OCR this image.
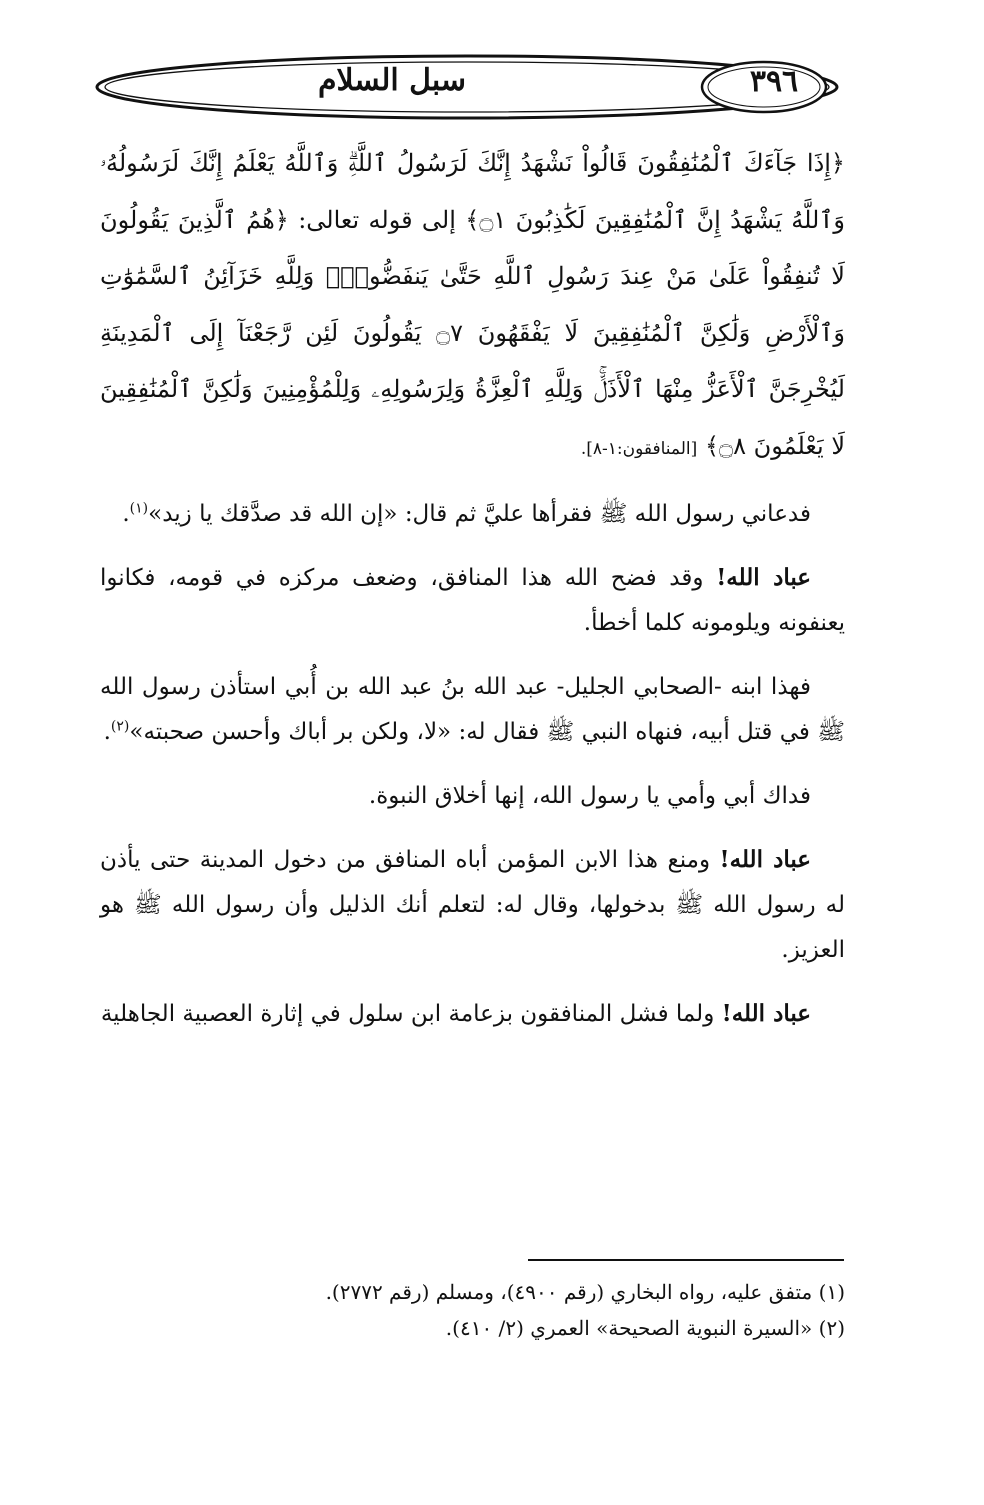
٣٩٦
سبل السلام

﴿إِذَا جَآءَكَ ٱلْمُنَٰفِقُونَ قَالُواْ نَشْهَدُ إِنَّكَ لَرَسُولُ ٱللَّهِۗ وَٱللَّهُ يَعْلَمُ إِنَّكَ لَرَسُولُهُۥ وَٱللَّهُ يَشْهَدُ إِنَّ ٱلْمُنَٰفِقِينَ لَكَٰذِبُونَ ۝١﴾ إلى قوله تعالى: ﴿هُمُ ٱلَّذِينَ يَقُولُونَ لَا تُنفِقُواْ عَلَىٰ مَنْ عِندَ رَسُولِ ٱللَّهِ حَتَّىٰ يَنفَضُّواْۗ وَلِلَّهِ خَزَآئِنُ ٱلسَّمَٰوَٰتِ وَٱلْأَرْضِ وَلَٰكِنَّ ٱلْمُنَٰفِقِينَ لَا يَفْقَهُونَ ۝٧ يَقُولُونَ لَئِن رَّجَعْنَآ إِلَى ٱلْمَدِينَةِ لَيُخْرِجَنَّ ٱلْأَعَزُّ مِنْهَا ٱلْأَذَلَّۚ وَلِلَّهِ ٱلْعِزَّةُ وَلِرَسُولِهِۦ وَلِلْمُؤْمِنِينَ وَلَٰكِنَّ ٱلْمُنَٰفِقِينَ لَا يَعْلَمُونَ ۝٨﴾ [المنافقون:١-٨].

فدعاني رسول الله ﷺ فقرأها عليَّ ثم قال: «إن الله قد صدَّقك يا زيد»$^{(١)}$.

عباد الله! وقد فضح الله هذا المنافق، وضعف مركزه في قومه، فكانوا يعنفونه ويلومونه كلما أخطأ.

فهذا ابنه -الصحابي الجليل- عبد الله بنُ عبد الله بن أُبي استأذن رسول الله ﷺ في قتل أبيه، فنهاه النبي ﷺ فقال له: «لا، ولكن بر أباك وأحسن صحبته»$^{(٢)}$.

فداك أبي وأمي يا رسول الله، إنها أخلاق النبوة.

عباد الله! ومنع هذا الابن المؤمن أباه المنافق من دخول المدينة حتى يأذن له رسول الله ﷺ بدخولها، وقال له: لتعلم أنك الذليل وأن رسول الله ﷺ هو العزيز.

عباد الله! ولما فشل المنافقون بزعامة ابن سلول في إثارة العصبية الجاهلية

(١) متفق عليه، رواه البخاري (رقم ٤٩٠٠)، ومسلم (رقم ٢٧٧٢).

(٢) «السيرة النبوية الصحيحة» العمري (٢/ ٤١٠).
